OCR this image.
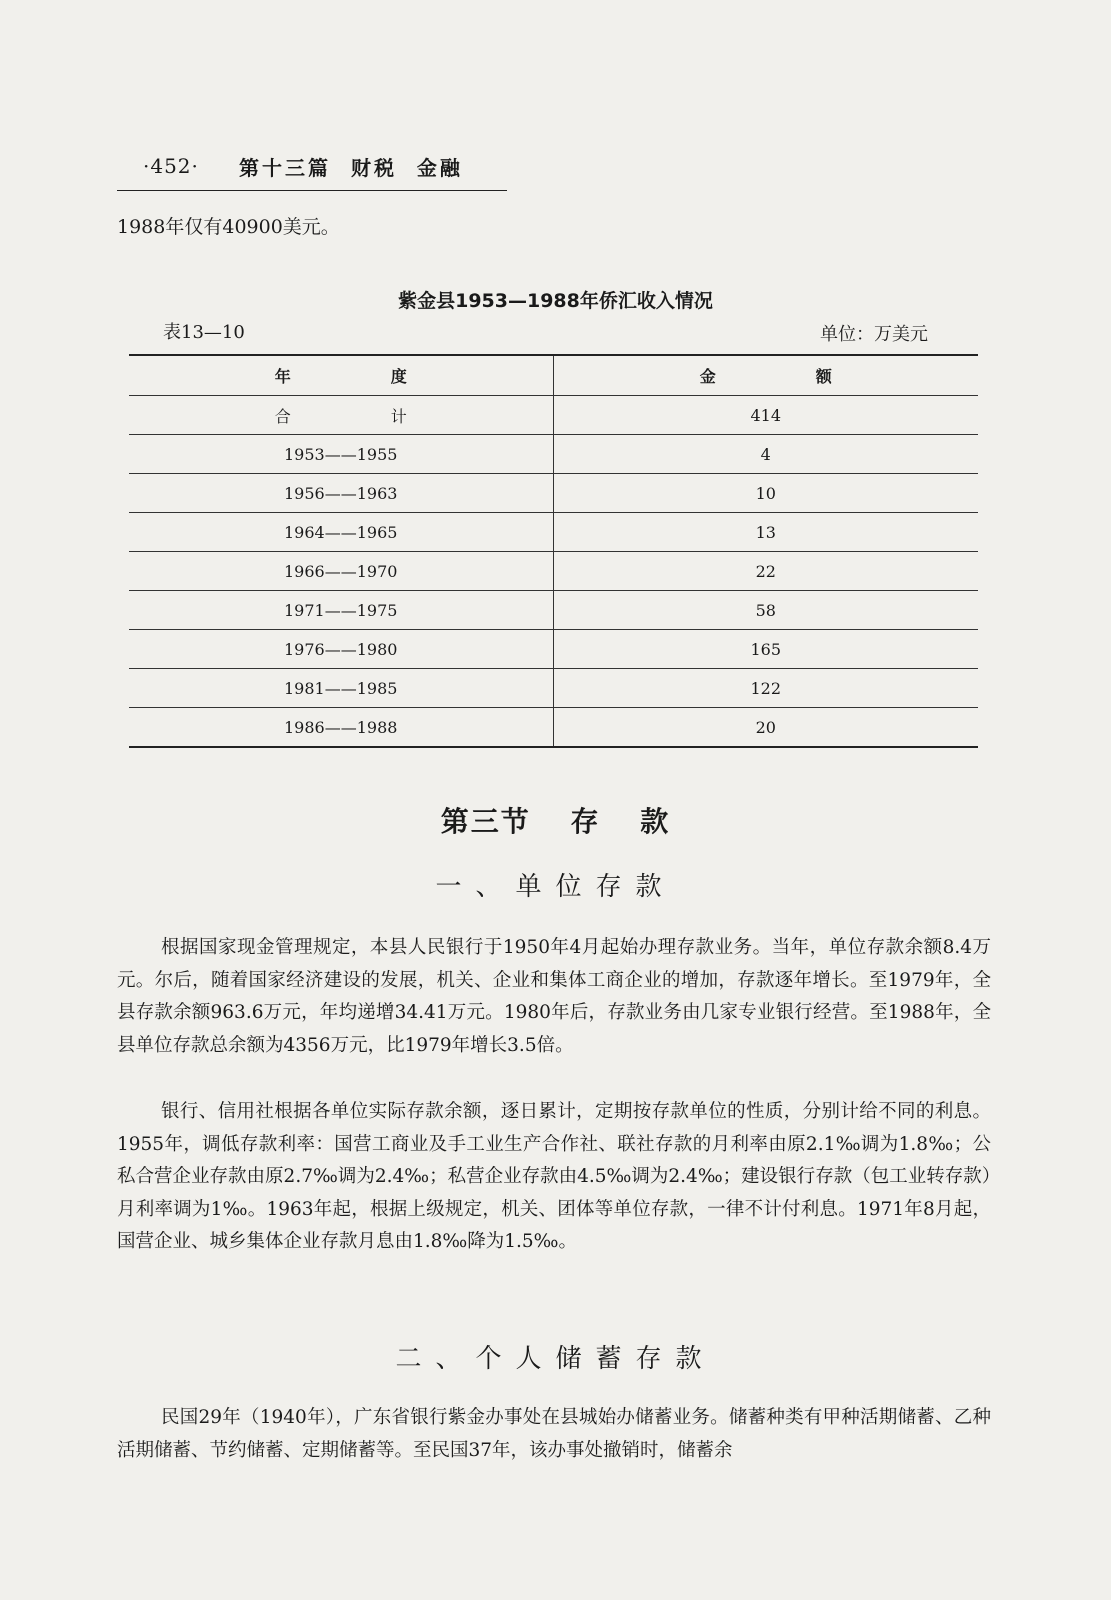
·452· 第十三篇 财税 金融
1988年仅有40900美元。
紫金县1953—1988年侨汇收入情况
表13—10	单位：万美元
年度	金额
合计	414
1953——1955	4
1956——1963	10
1964——1965	13
1966——1970	22
1971——1975	58
1976——1980	165
1981——1985	122
1986——1988	20
第三节 存 款
一、单位存款

根据国家现金管理规定，本县人民银行于1950年4月起始办理存款业务。当年，单位存款余额8.4万元。尔后，随着国家经济建设的发展，机关、企业和集体工商企业的增加，存款逐年增长。至1979年，全县存款余额963.6万元，年均递增34.41万元。1980年后，存款业务由几家专业银行经营。至1988年，全县单位存款总余额为4356万元，比1979年增长3.5倍。

银行、信用社根据各单位实际存款余额，逐日累计，定期按存款单位的性质，分别计给不同的利息。1955年，调低存款利率：国营工商业及手工业生产合作社、联社存款的月利率由原2.1‰调为1.8‰；公私合营企业存款由原2.7‰调为2.4‰；私营企业存款由4.5‰调为2.4‰；建设银行存款（包工业转存款）月利率调为1‰。1963年起，根据上级规定，机关、团体等单位存款，一律不计付利息。1971年8月起，国营企业、城乡集体企业存款月息由1.8‰降为1.5‰。

二、个人储蓄存款

民国29年（1940年），广东省银行紫金办事处在县城始办储蓄业务。储蓄种类有甲种活期储蓄、乙种活期储蓄、节约储蓄、定期储蓄等。至民国37年，该办事处撤销时，储蓄余
